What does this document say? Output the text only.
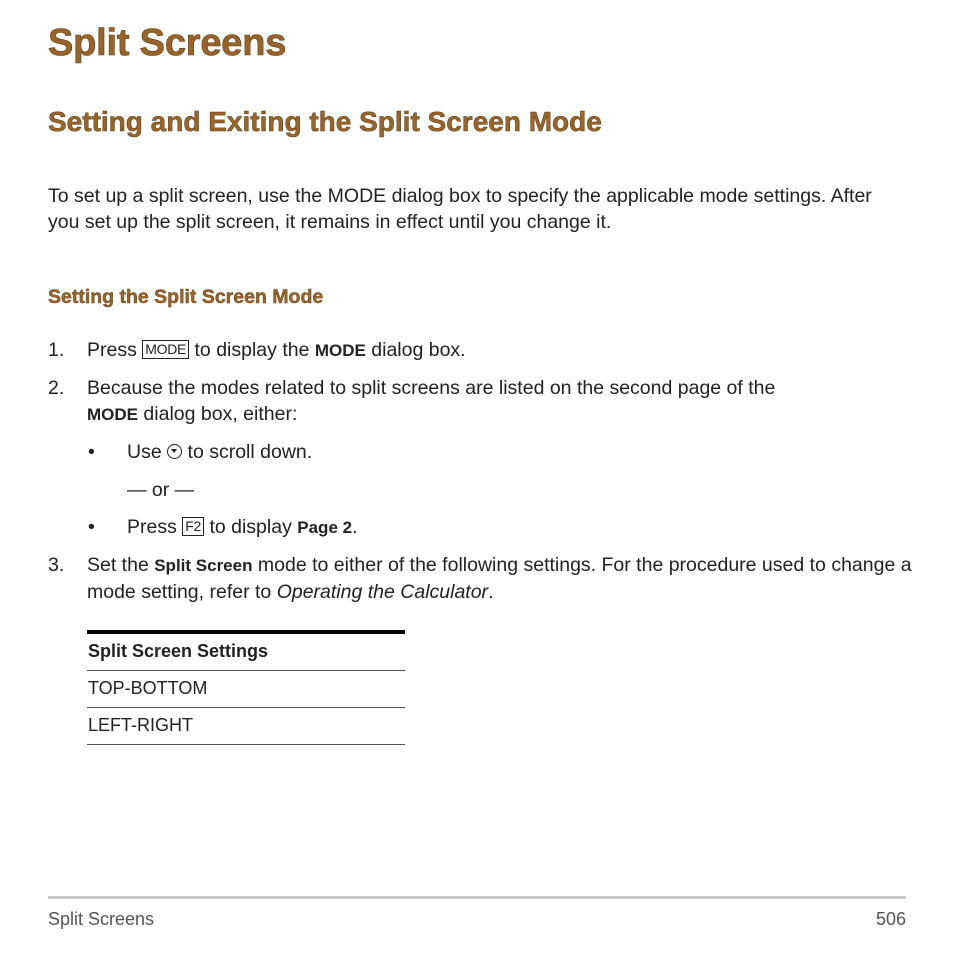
Split Screens
Setting and Exiting the Split Screen Mode

To set up a split screen, use the MODE dialog box to specify the applicable mode settings. After you set up the split screen, it remains in effect until you change it.

Setting the Split Screen Mode
1. Press MODE to display the MODE dialog box.
2. Because the modes related to split screens are listed on the second page of the
MODE dialog box, either:
• Use to scroll down.
— or —
• Press F2 to display Page 2.
3. Set the Split Screen mode to either of the following settings. For the procedure used to change a mode setting, refer to Operating the Calculator.
Split Screen Settings
TOP-BOTTOM
LEFT-RIGHT
Split Screens	506
